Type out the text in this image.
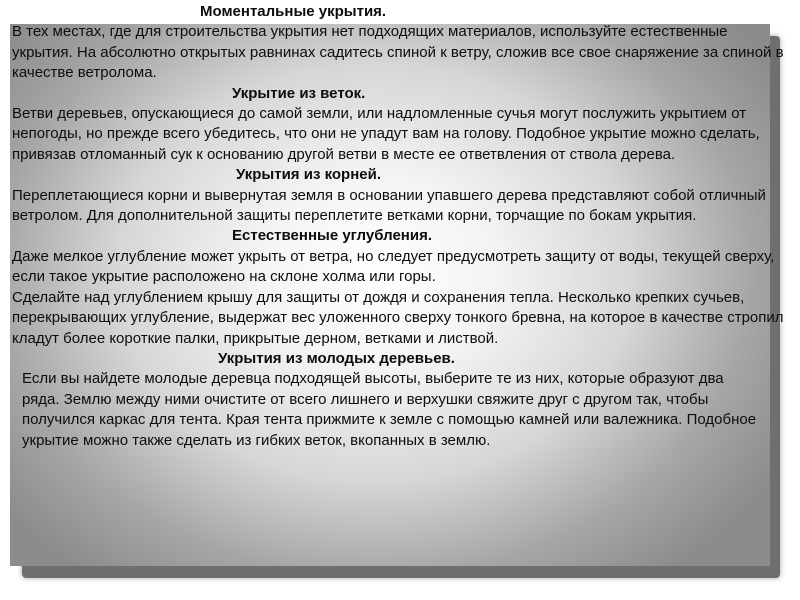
Моментальные укрытия.

В тех местах, где для строительства укрытия нет подходящих материалов, используйте естественные укрытия. На абсолютно открытых равнинах садитесь спиной к ветру, сложив все свое снаряжение за спиной в качестве ветролома.

Укрытие из веток.

Ветви деревьев, опускающиеся до самой земли, или надломленные сучья могут послужить укрытием от непогоды, но прежде всего убедитесь, что они не упадут вам на голову. Подобное укрытие можно сделать, привязав отломанный сук к основанию другой ветви в месте ее ответвления от ствола дерева.

Укрытия из корней.

Переплетающиеся корни и вывернутая земля в основании упавшего дерева представляют собой отличный ветролом. Для дополнительной защиты переплетите ветками корни, торчащие по бокам укрытия.

Естественные углубления.

Даже мелкое углубление может укрыть от ветра, но следует предусмотреть защиту от воды, текущей сверху, если такое укрытие расположено на склоне холма или горы.

Сделайте над углублением крышу для защиты от дождя и сохранения тепла. Несколько крепких сучьев, перекрывающих углубление, выдержат вес уложенного сверху тонкого бревна, на которое в качестве стропил кладут более короткие палки, прикрытые дерном, ветками и листвой.

Укрытия из молодых деревьев.

Если вы найдете молодые деревца подходящей высоты, выберите те из них, которые образуют два ряда. Землю между ними очистите от всего лишнего и верхушки свяжите друг с другом так, чтобы получился каркас для тента. Края тента прижмите к земле с помощью камней или валежника. Подобное укрытие можно также сделать из гибких веток, вкопанных в землю.
